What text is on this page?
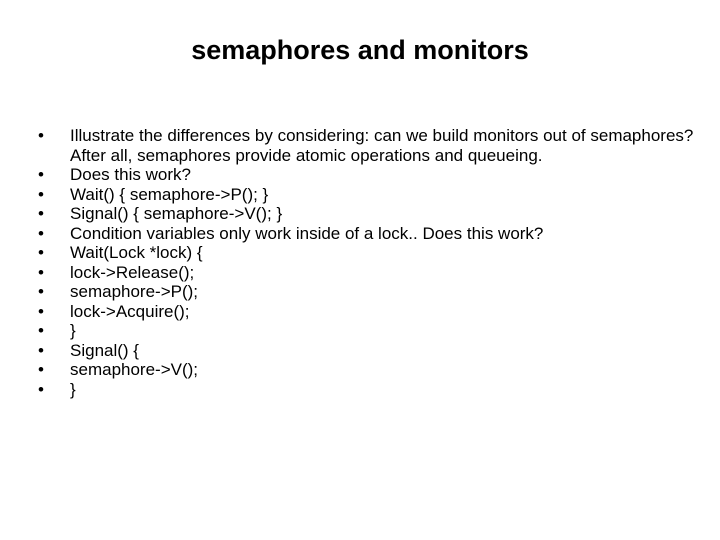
semaphores and monitors
•	Illustrate the differences by considering: can we build monitors out of semaphores? After all, semaphores provide atomic operations and queueing.
•	Does this work?
•	Wait() { semaphore->P(); }
•	Signal() { semaphore->V(); }
•	Condition variables only work inside of a lock.. Does this work?
•	Wait(Lock *lock) {
•	lock->Release();
•	semaphore->P();
•	lock->Acquire();
•	}
•	Signal() {
•	semaphore->V();
•	}
